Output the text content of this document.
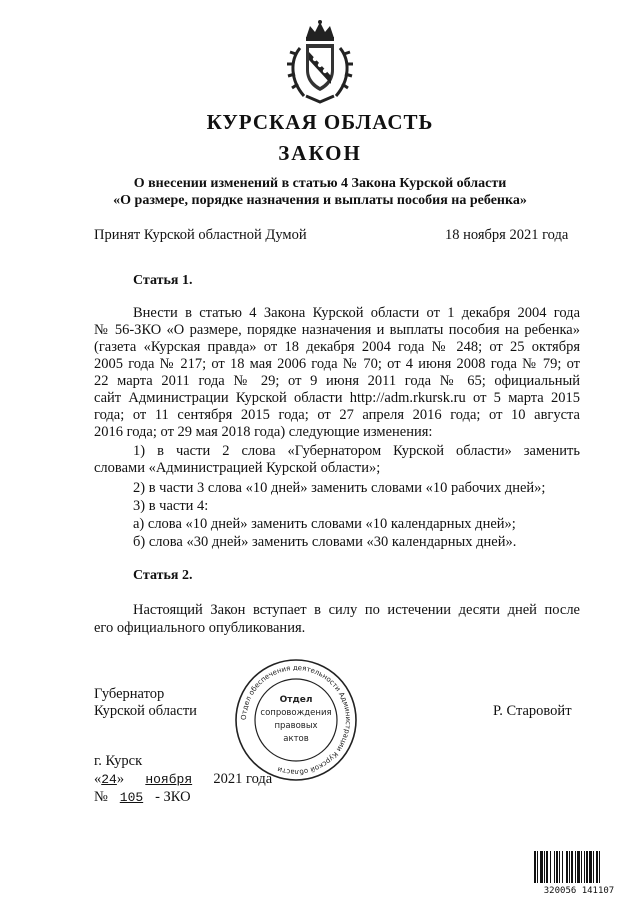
КУРСКАЯ ОБЛАСТЬ
ЗАКОН
О внесении изменений в статью 4 Закона Курской области
«О размере, порядке назначения и выплаты пособия на ребенка»
Принят Курской областной Думой	18 ноября 2021 года
Статья 1.
Внести в статью 4 Закона Курской области от 1 декабря 2004 года
№ 56-ЗКО «О размере, порядке назначения и выплаты пособия на ребенка»
(газета «Курская правда» от 18 декабря 2004 года № 248; от 25 октября
2005 года № 217; от 18 мая 2006 года № 70; от 4 июня 2008 года № 79; от
22 марта 2011 года № 29; от 9 июня 2011 года № 65; официальный
сайт Администрации Курской области http://adm.rkursk.ru от 5 марта 2015
года; от 11 сентября 2015 года; от 27 апреля 2016 года; от 10 августа
2016 года; от 29 мая 2018 года) следующие изменения:
1) в части 2 слова «Губернатором Курской области» заменить
словами «Администрацией Курской области»;
2) в части 3 слова «10 дней» заменить словами «10 рабочих дней»;
3) в части 4:
а) слова «10 дней» заменить словами «10 календарных дней»;
б) слова «30 дней» заменить словами «30 календарных дней».
Статья 2.
Настоящий Закон вступает в силу по истечении десяти дней после
его официального опубликования.
Губернатор
Курской области	Р. Старовойт
Отдел обеспечения деятельности Администрации Курской области
Отдел
сопровождения
правовых
актов
г. Курск
«24» ноября 2021 года
№ 105 - ЗКО
320056 141107
